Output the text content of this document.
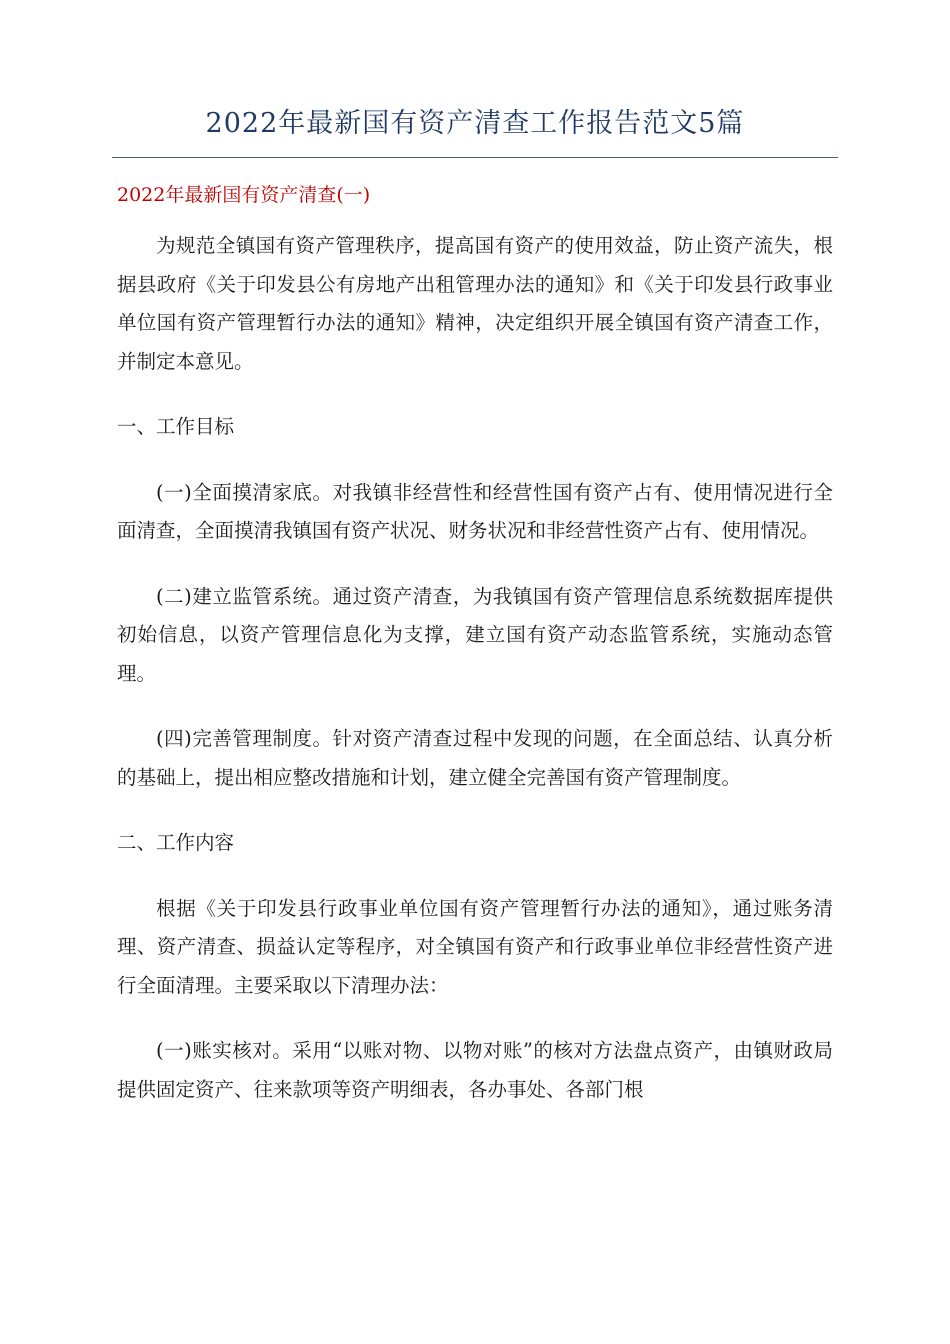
2022年最新国有资产清查工作报告范文5篇
2022年最新国有资产清查(一)

为规范全镇国有资产管理秩序，提高国有资产的使用效益，防止资产流失，根据县政府《关于印发县公有房地产出租管理办法的通知》和《关于印发县行政事业单位国有资产管理暂行办法的通知》精神，决定组织开展全镇国有资产清查工作，并制定本意见。

一、工作目标

(一)全面摸清家底。对我镇非经营性和经营性国有资产占有、使用情况进行全面清查，全面摸清我镇国有资产状况、财务状况和非经营性资产占有、使用情况。

(二)建立监管系统。通过资产清查，为我镇国有资产管理信息系统数据库提供初始信息，以资产管理信息化为支撑，建立国有资产动态监管系统，实施动态管理。

(四)完善管理制度。针对资产清查过程中发现的问题，在全面总结、认真分析的基础上，提出相应整改措施和计划，建立健全完善国有资产管理制度。

二、工作内容

根据《关于印发县行政事业单位国有资产管理暂行办法的通知》，通过账务清理、资产清查、损益认定等程序，对全镇国有资产和行政事业单位非经营性资产进行全面清理。主要采取以下清理办法：

(一)账实核对。采用“以账对物、以物对账”的核对方法盘点资产，由镇财政局提供固定资产、往来款项等资产明细表，各办事处、各部门根
